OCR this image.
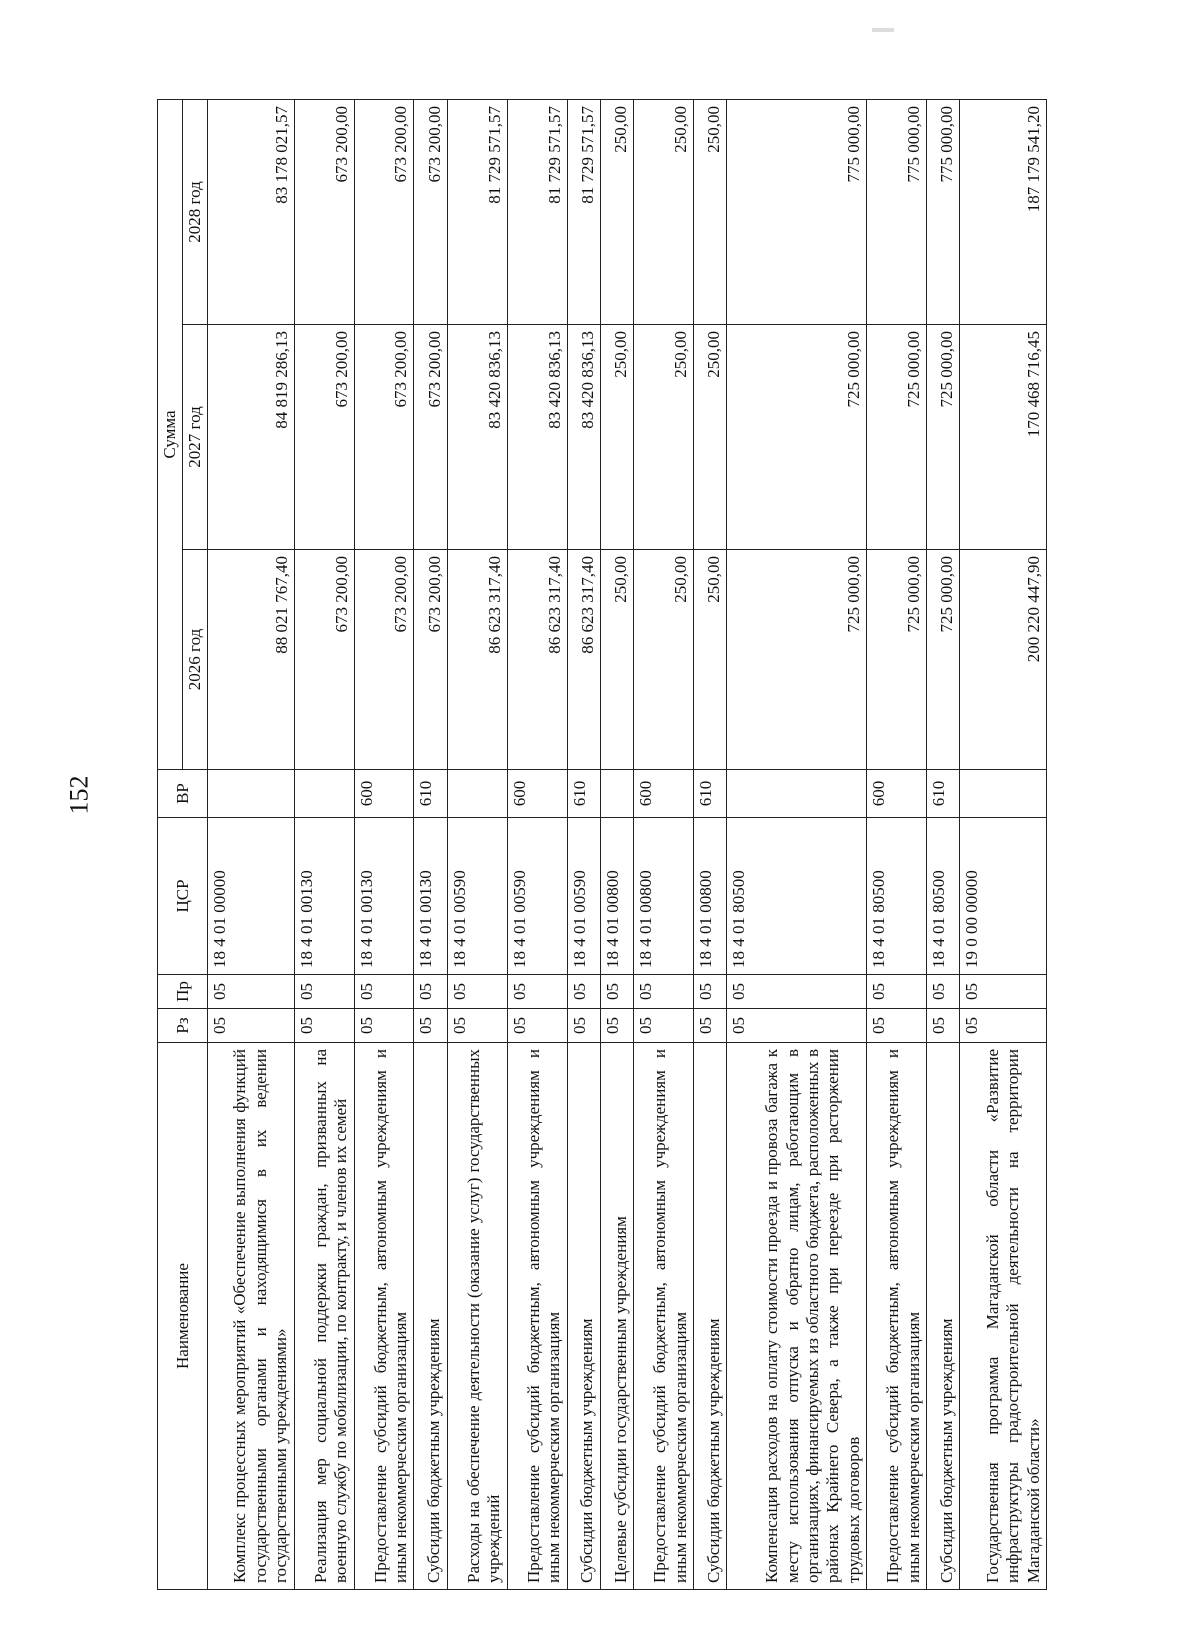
152
Наименование	Рз	Пр	ЦСР	ВР	Сумма		
					2026 год	2027 год	2028 год
Комплекс процессных мероприятий «Обеспечение выполнения функций государственными органами и находящимися в их ведении государственными учреждениями»	05	05	18 4 01 00000		88 021 767,40	84 819 286,13	83 178 021,57
Реализация мер социальной поддержки граждан, призванных на военную службу по мобилизации, по контракту, и членов их семей	05	05	18 4 01 00130		673 200,00	673 200,00	673 200,00
Предоставление субсидий бюджетным, автономным учреждениям и иным некоммерческим организациям	05	05	18 4 01 00130	600	673 200,00	673 200,00	673 200,00
Субсидии бюджетным учреждениям	05	05	18 4 01 00130	610	673 200,00	673 200,00	673 200,00
Расходы на обеспечение деятельности (оказание услуг) государственных учреждений	05	05	18 4 01 00590		86 623 317,40	83 420 836,13	81 729 571,57
Предоставление субсидий бюджетным, автономным учреждениям и иным некоммерческим организациям	05	05	18 4 01 00590	600	86 623 317,40	83 420 836,13	81 729 571,57
Субсидии бюджетным учреждениям	05	05	18 4 01 00590	610	86 623 317,40	83 420 836,13	81 729 571,57
Целевые субсидии государственным учреждениям	05	05	18 4 01 00800		250,00	250,00	250,00
Предоставление субсидий бюджетным, автономным учреждениям и иным некоммерческим организациям	05	05	18 4 01 00800	600	250,00	250,00	250,00
Субсидии бюджетным учреждениям	05	05	18 4 01 00800	610	250,00	250,00	250,00
Компенсация расходов на оплату стоимости проезда и провоза багажа к месту использования отпуска и обратно лицам, работающим в организациях, финансируемых из областного бюджета, расположенных в районах Крайнего Севера, а также при переезде при расторжении трудовых договоров	05	05	18 4 01 80500		725 000,00	725 000,00	775 000,00
Предоставление субсидий бюджетным, автономным учреждениям и иным некоммерческим организациям	05	05	18 4 01 80500	600	725 000,00	725 000,00	775 000,00
Субсидии бюджетным учреждениям	05	05	18 4 01 80500	610	725 000,00	725 000,00	775 000,00
Государственная программа Магаданской области «Развитие инфраструктуры градостроительной деятельности на территории Магаданской области»	05	05	19 0 00 00000		200 220 447,90	170 468 716,45	187 179 541,20
